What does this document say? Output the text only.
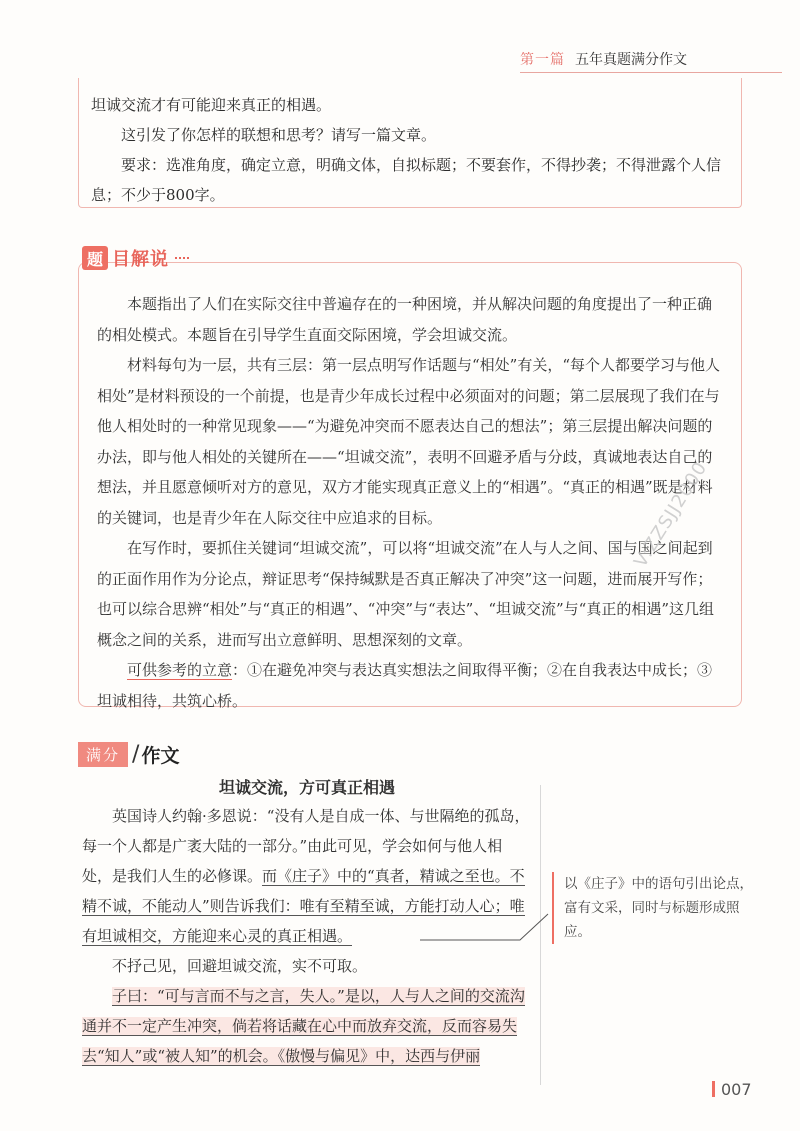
第一篇 五年真题满分作文

坦诚交流才有可能迎来真正的相遇。

这引发了你怎样的联想和思考？请写一篇文章。

要求：选准角度，确定立意，明确文体，自拟标题；不要套作，不得抄袭；不得泄露个人信息；不少于800字。

本题指出了人们在实际交往中普遍存在的一种困境，并从解决问题的角度提出了一种正确的相处模式。本题旨在引导学生直面交际困境，学会坦诚交流。

材料每句为一层，共有三层：第一层点明写作话题与“相处”有关，“每个人都要学习与他人相处”是材料预设的一个前提，也是青少年成长过程中必须面对的问题；第二层展现了我们在与他人相处时的一种常见现象——“为避免冲突而不愿表达自己的想法”；第三层提出解决问题的办法，即与他人相处的关键所在——“坦诚交流”，表明不回避矛盾与分歧，真诚地表达自己的想法，并且愿意倾听对方的意见，双方才能实现真正意义上的“相遇”。“真正的相遇”既是材料的关键词，也是青少年在人际交往中应追求的目标。

在写作时，要抓住关键词“坦诚交流”，可以将“坦诚交流”在人与人之间、国与国之间起到的正面作用作为分论点，辩证思考“保持缄默是否真正解决了冲突”这一问题，进而展开写作；也可以综合思辨“相处”与“真正的相遇”、“冲突”与“表达”、“坦诚交流”与“真正的相遇”这几组概念之间的关系，进而写出立意鲜明、思想深刻的文章。

可供参考的立意：①在避免冲突与表达真实想法之间取得平衡；②在自我表达中成长；③坦诚相待，共筑心桥。

题 目解说
V:ZZSJJ2000
满分 / 作文

坦诚交流，方可真正相遇

英国诗人约翰·多恩说：“没有人是自成一体、与世隔绝的孤岛，每一个人都是广袤大陆的一部分。”由此可见，学会如何与他人相处，是我们人生的必修课。而《庄子》中的“真者，精诚之至也。不精不诚，不能动人”则告诉我们：唯有至精至诚，方能打动人心；唯有坦诚相交，方能迎来心灵的真正相遇。

不抒己见，回避坦诚交流，实不可取。

子曰：“可与言而不与之言，失人。”是以，人与人之间的交流沟通并不一定产生冲突，倘若将话藏在心中而放弃交流，反而容易失去“知人”或“被人知”的机会。《傲慢与偏见》中，达西与伊丽

以《庄子》中的语句引出论点，富有文采，同时与标题形成照应。
007
